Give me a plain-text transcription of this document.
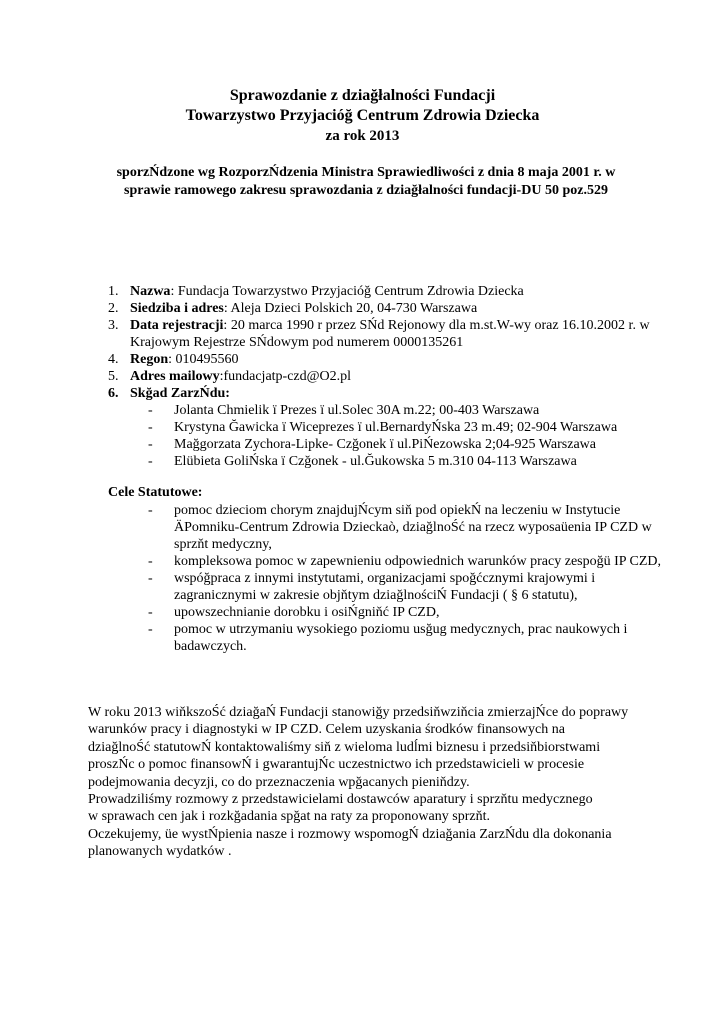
Sprawozdanie z dziağłalności Fundacji
Towarzystwo Przyjacióğ Centrum Zdrowia Dziecka
za rok 2013
sporzŃdzone wg RozporzŃdzenia Ministra Sprawiedliwości z dnia 8 maja 2001 r. w
sprawie ramowego zakresu sprawozdania z dziağłalności fundacji-DU 50 poz.529
1. Nazwa: Fundacja Towarzystwo Przyjacióğ Centrum Zdrowia Dziecka
2. Siedziba i adres: Aleja Dzieci Polskich 20, 04-730 Warszawa
3. Data rejestracji: 20 marca 1990 r przez SŃd Rejonowy dla m.st.W-wy oraz 16.10.2002 r. w Krajowym Rejestrze SŃdowym pod numerem 0000135261
4. Regon: 010495560
5. Adres mailowy:fundacjatp-czd@O2.pl
6. Skğad ZarzŃdu:
- Jolanta Chmielik ї Prezes ї ul.Solec 30A m.22; 00-403 Warszawa
- Krystyna Ğawicka ї Wiceprezes ї ul.BernardyŃska 23 m.49; 02-904 Warszawa
- Mağgorzata Zychora-Lipke- Czğonek ї ul.PiŃezowska 2;04-925 Warszawa
- Elübieta GoliŃska ї Czğonek - ul.Ğukowska 5 m.310 04-113 Warszawa
Cele Statutowe:
- pomoc dzieciom chorym znajdujŃcym siň pod opiekŃ na leczeniu w Instytucie ÄPomniku-Centrum Zdrowia Dzieckaò, dziağlnoŚć na rzecz wyposaüenia IP CZD w sprzňt medyczny,
- kompleksowa pomoc w zapewnieniu odpowiednich warunków pracy zespoğü IP CZD,
- wspóğpraca z innymi instytutami, organizacjami spoğćcznymi krajowymi i zagranicznymi w zakresie objňtym dziağlnościŃ Fundacji ( § 6 statutu),
- upowszechnianie dorobku i osiŃgniňć IP CZD,
- pomoc w utrzymaniu wysokiego poziomu usğug medycznych, prac naukowych i badawczych.
W roku 2013 wiňkszoŚć dziağaŃ Fundacji stanowiğy przedsiňwziňcia zmierzajŃce do poprawy
warunków pracy i diagnostyki w IP CZD. Celem uzyskania środków finansowych na
dziağlnoŚć statutowŃ kontaktowaliśmy siň z wieloma ludĺmi biznesu i przedsiňbiorstwami
proszŃc o pomoc finansowŃ i gwarantujŃc uczestnictwo ich przedstawicieli w procesie
podejmowania decyzji, co do przeznaczenia wpğacanych pieniňdzy.
Prowadziliśmy rozmowy z przedstawicielami dostawców aparatury i sprzňtu medycznego
w sprawach cen jak i rozkğadania spğat na raty za proponowany sprzňt.
Oczekujemy, üe wystŃpienia nasze i rozmowy wspomogŃ dziağania ZarzŃdu dla dokonania
planowanych wydatków .
